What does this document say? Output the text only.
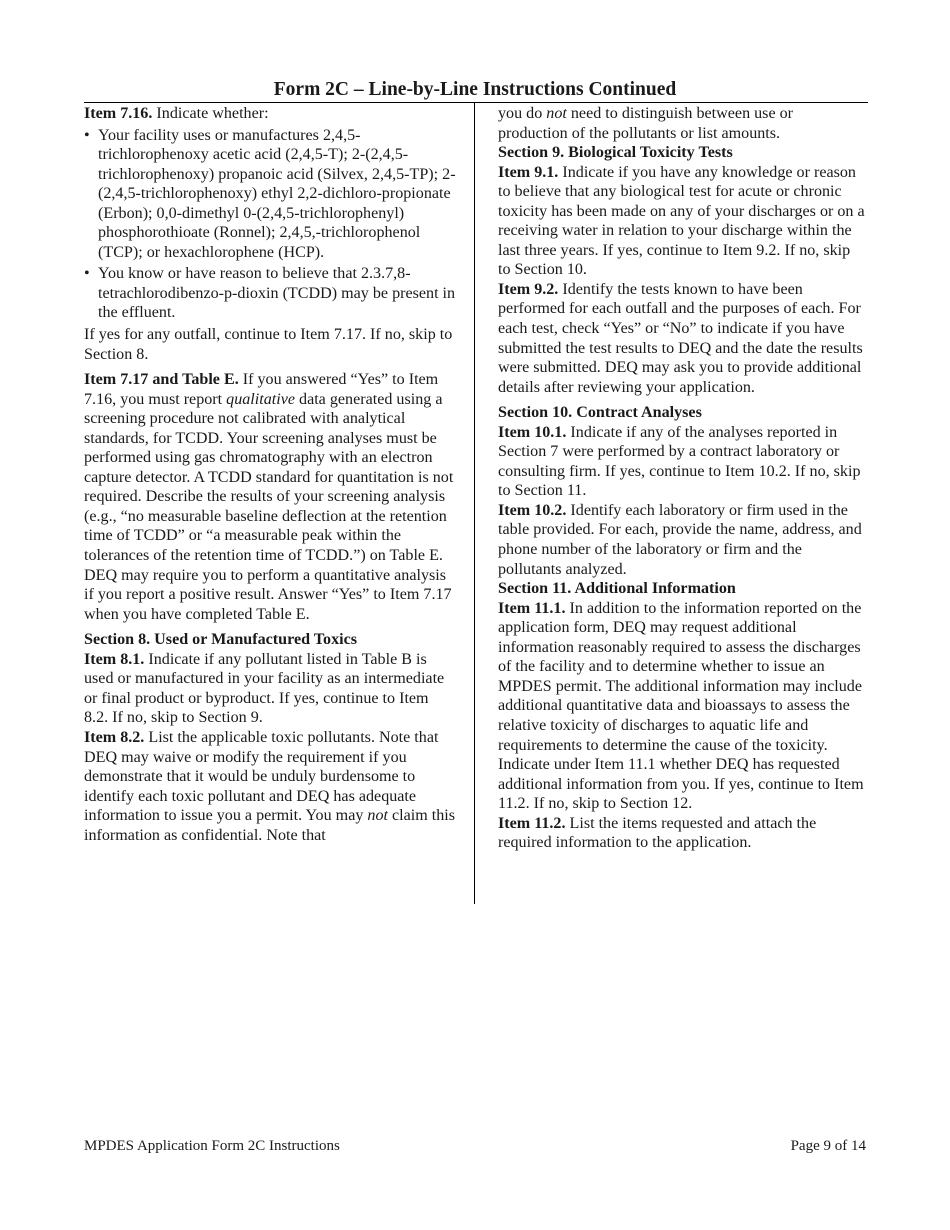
Form 2C – Line-by-Line Instructions Continued

Item 7.16. Indicate whether:

• Your facility uses or manufactures 2,4,5-trichlorophenoxy acetic acid (2,4,5-T); 2-(2,4,5-trichlorophenoxy) propanoic acid (Silvex, 2,4,5-TP); 2-(2,4,5-trichlorophenoxy) ethyl 2,2-dichloro-propionate (Erbon); 0,0-dimethyl 0-(2,4,5-trichlorophenyl) phosphorothioate (Ronnel); 2,4,5,-trichlorophenol (TCP); or hexachlorophene (HCP).
• You know or have reason to believe that 2.3.7,8-tetrachlorodibenzo-p-dioxin (TCDD) may be present in the effluent.

If yes for any outfall, continue to Item 7.17. If no, skip to Section 8.

Item 7.17 and Table E. If you answered “Yes” to Item 7.16, you must report qualitative data generated using a screening procedure not calibrated with analytical standards, for TCDD. Your screening analyses must be performed using gas chromatography with an electron capture detector. A TCDD standard for quantitation is not required. Describe the results of your screening analysis (e.g., “no measurable baseline deflection at the retention time of TCDD” or “a measurable peak within the tolerances of the retention time of TCDD.”) on Table E. DEQ may require you to perform a quantitative analysis if you report a positive result. Answer “Yes” to Item 7.17 when you have completed Table E.

Section 8. Used or Manufactured Toxics

Item 8.1. Indicate if any pollutant listed in Table B is used or manufactured in your facility as an intermediate or final product or byproduct. If yes, continue to Item 8.2. If no, skip to Section 9.

Item 8.2. List the applicable toxic pollutants. Note that DEQ may waive or modify the requirement if you demonstrate that it would be unduly burdensome to identify each toxic pollutant and DEQ has adequate information to issue you a permit. You may not claim this information as confidential. Note that

you do not need to distinguish between use or production of the pollutants or list amounts.

Section 9. Biological Toxicity Tests

Item 9.1. Indicate if you have any knowledge or reason to believe that any biological test for acute or chronic toxicity has been made on any of your discharges or on a receiving water in relation to your discharge within the last three years. If yes, continue to Item 9.2. If no, skip to Section 10.

Item 9.2. Identify the tests known to have been performed for each outfall and the purposes of each. For each test, check “Yes” or “No” to indicate if you have submitted the test results to DEQ and the date the results were submitted. DEQ may ask you to provide additional details after reviewing your application.

Section 10. Contract Analyses

Item 10.1. Indicate if any of the analyses reported in Section 7 were performed by a contract laboratory or consulting firm. If yes, continue to Item 10.2. If no, skip to Section 11.

Item 10.2. Identify each laboratory or firm used in the table provided. For each, provide the name, address, and phone number of the laboratory or firm and the pollutants analyzed.

Section 11. Additional Information

Item 11.1. In addition to the information reported on the application form, DEQ may request additional information reasonably required to assess the discharges of the facility and to determine whether to issue an MPDES permit. The additional information may include additional quantitative data and bioassays to assess the relative toxicity of discharges to aquatic life and requirements to determine the cause of the toxicity. Indicate under Item 11.1 whether DEQ has requested additional information from you. If yes, continue to Item 11.2. If no, skip to Section 12.

Item 11.2. List the items requested and attach the required information to the application.

MPDES Application Form 2C Instructions	Page 9 of 14
